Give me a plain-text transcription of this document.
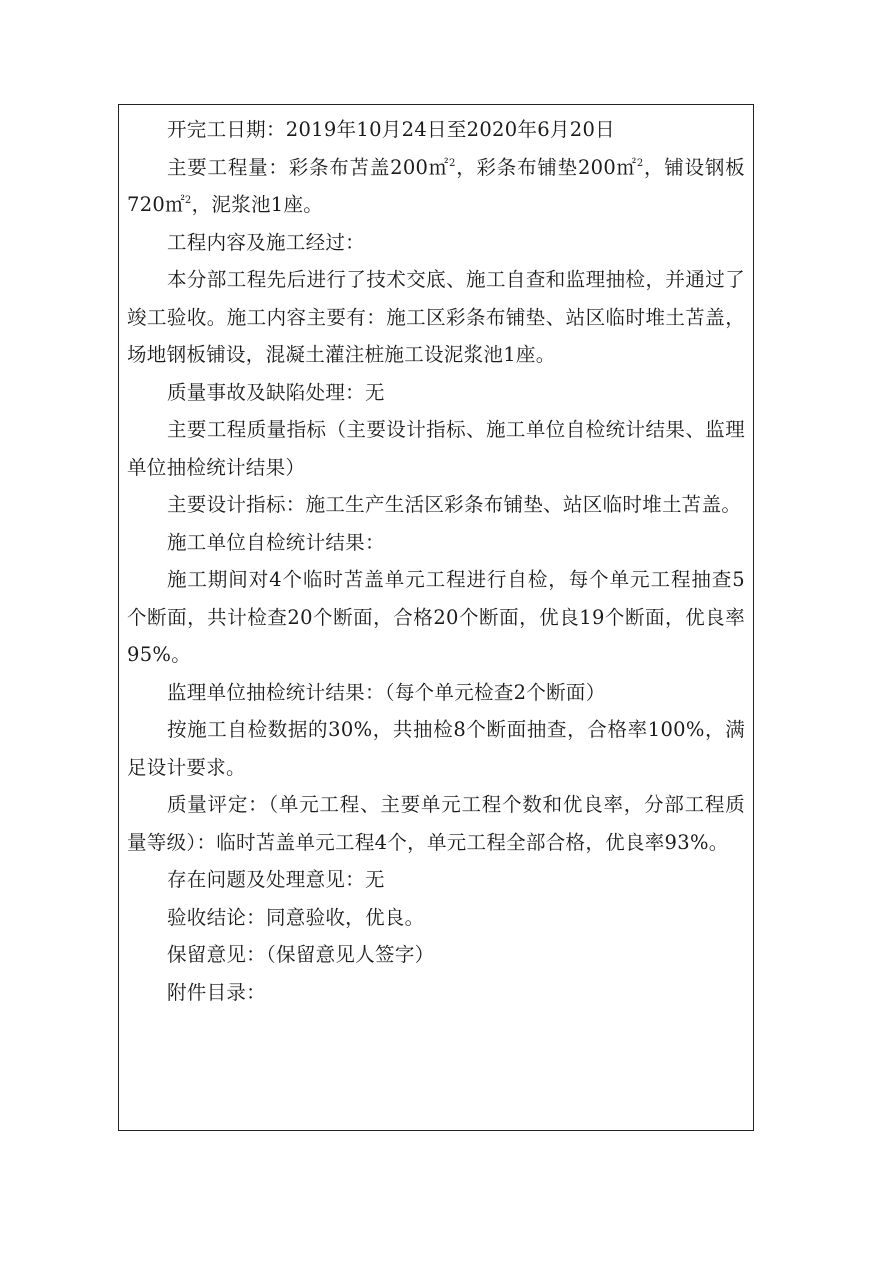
开完工日期：2019年10月24日至2020年6月20日

主要工程量：彩条布苫盖200㎡$^2$，彩条布铺垫200㎡$^2$，铺设钢板720㎡$^2$，泥浆池1座。

工程内容及施工经过：

本分部工程先后进行了技术交底、施工自查和监理抽检，并通过了竣工验收。施工内容主要有：施工区彩条布铺垫、站区临时堆土苫盖，场地钢板铺设，混凝土灌注桩施工设泥浆池1座。

质量事故及缺陷处理：无

主要工程质量指标（主要设计指标、施工单位自检统计结果、监理单位抽检统计结果）

主要设计指标：施工生产生活区彩条布铺垫、站区临时堆土苫盖。

施工单位自检统计结果：

施工期间对4个临时苫盖单元工程进行自检，每个单元工程抽查5个断面，共计检查20个断面，合格20个断面，优良19个断面，优良率95%。

监理单位抽检统计结果：（每个单元检查2个断面）

按施工自检数据的30%，共抽检8个断面抽查，合格率100%，满足设计要求。

质量评定：（单元工程、主要单元工程个数和优良率，分部工程质量等级）：临时苫盖单元工程4个，单元工程全部合格，优良率93%。

存在问题及处理意见：无

验收结论：同意验收，优良。

保留意见：（保留意见人签字）

附件目录：
